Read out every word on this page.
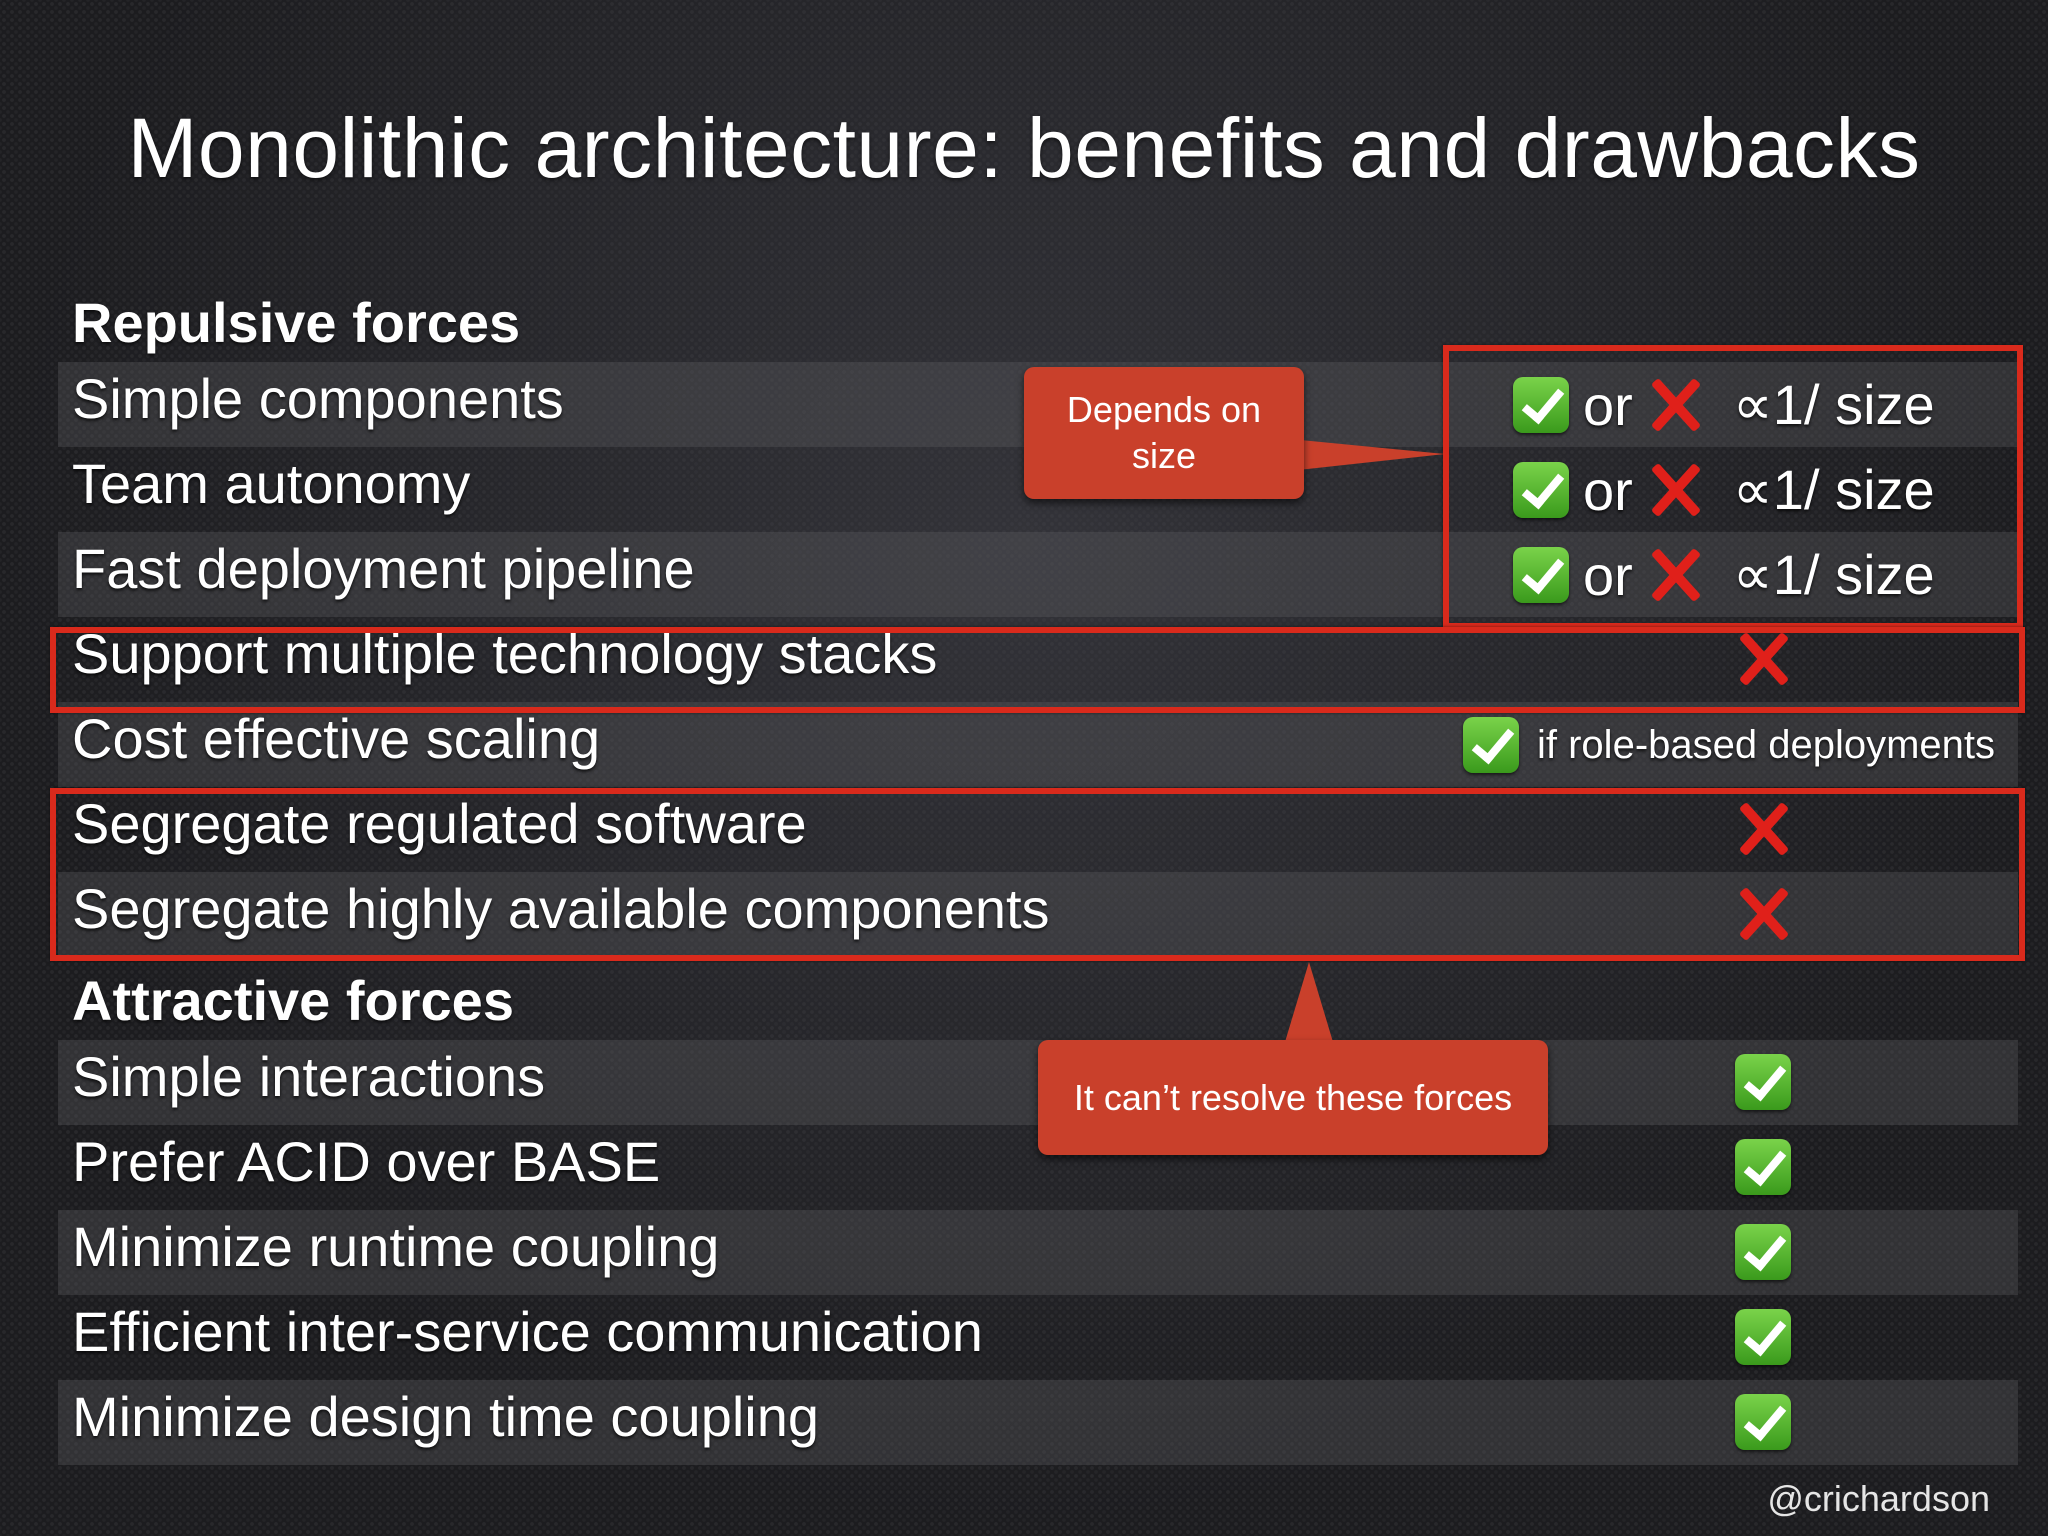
Monolithic architecture: benefits and drawbacks
Repulsive forces
Simple components	or ∝1/ size
Team autonomy	or ∝1/ size
Fast deployment pipeline	or ∝1/ size
Support multiple technology stacks
Cost effective scaling	if role-based deployments
Segregate regulated software
Segregate highly available components
Attractive forces
Simple interactions
Prefer ACID over BASE
Minimize runtime coupling
Efficient inter-service communication
Minimize design time coupling
Depends on size
It can’t resolve these forces
@crichardson
